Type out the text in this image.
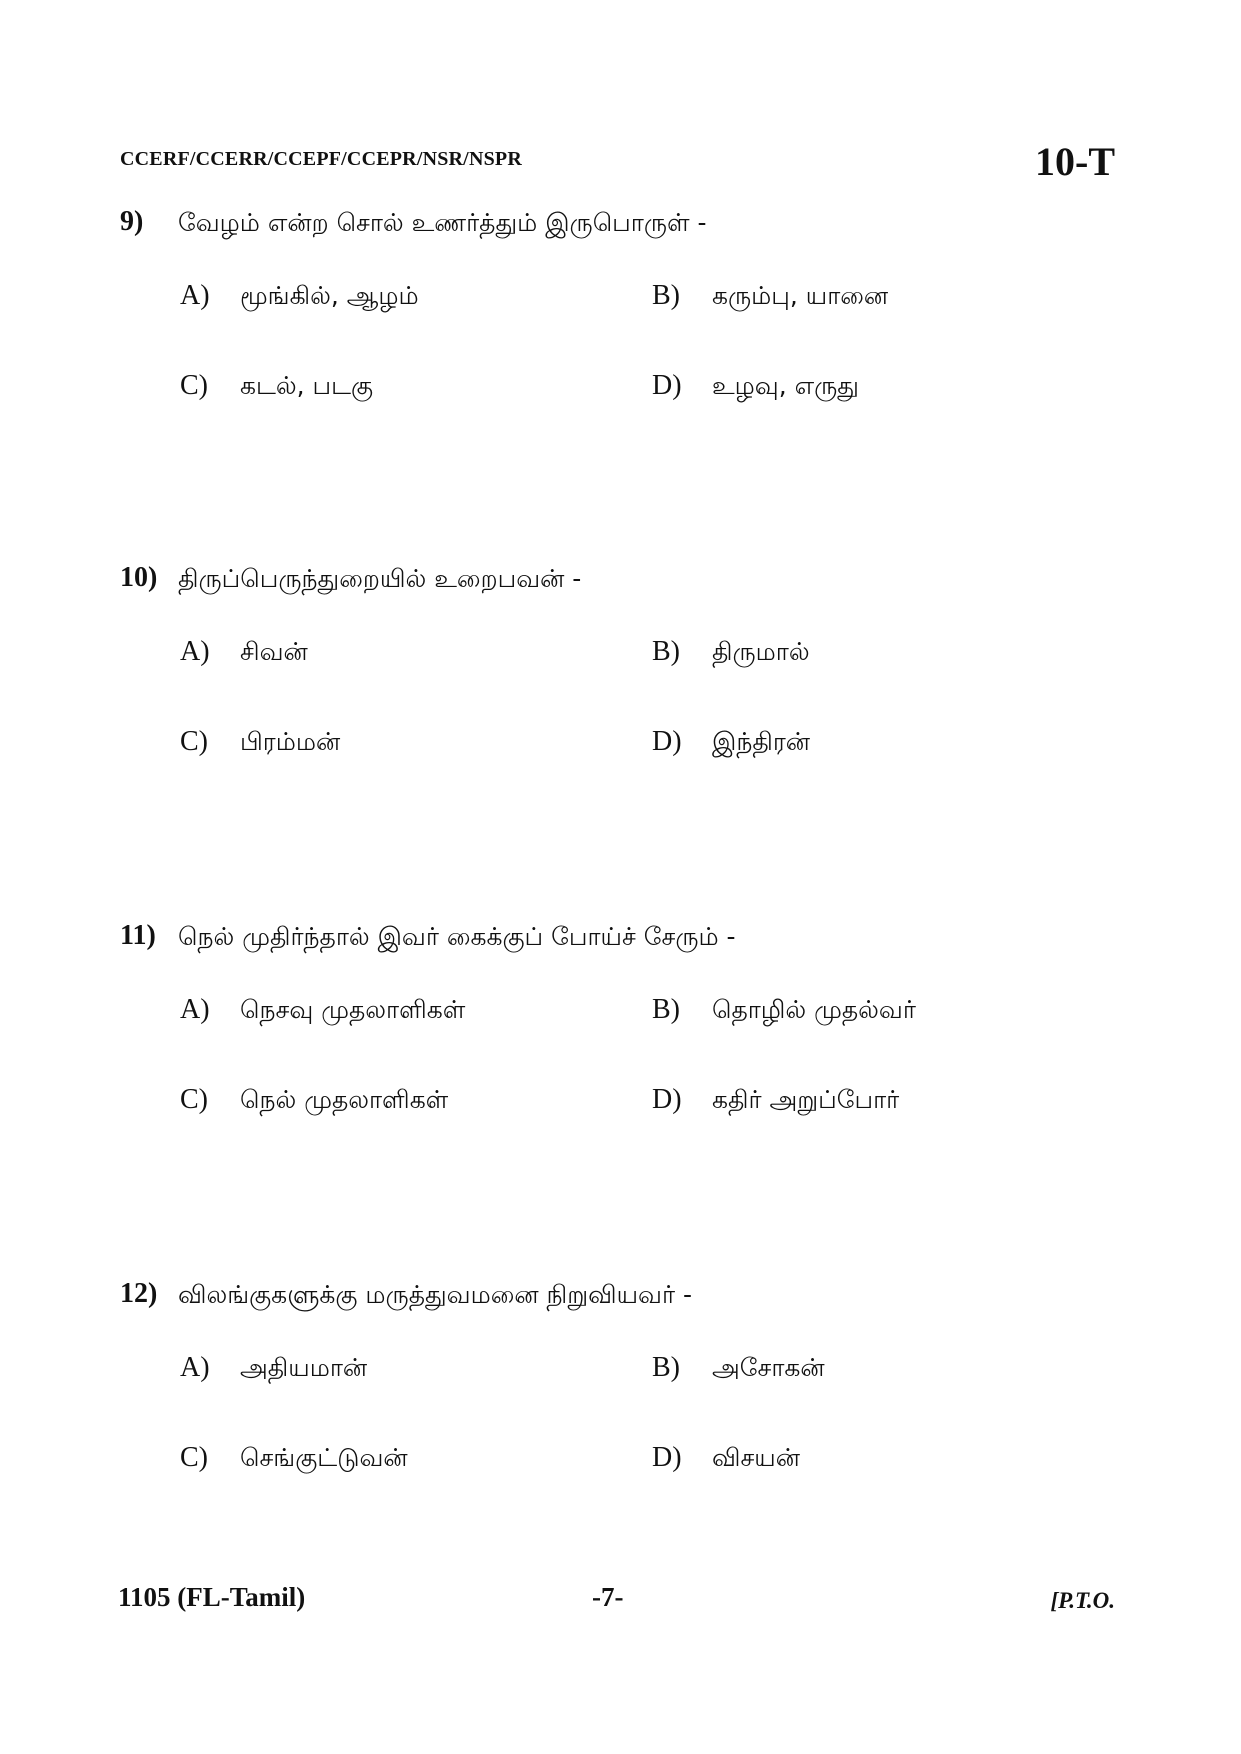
CCERF/CCERR/CCEPF/CCEPR/NSR/NSPR	10-T
9) வேழம் என்ற சொல் உணர்த்தும் இருபொருள் -
A) மூங்கில், ஆழம்	B) கரும்பு, யானை
C) கடல், படகு	D) உழவு, எருது
10) திருப்பெருந்துறையில் உறைபவன் -
A) சிவன்	B) திருமால்
C) பிரம்மன்	D) இந்திரன்
11) நெல் முதிர்ந்தால் இவர் கைக்குப் போய்ச் சேரும் -
A) நெசவு முதலாளிகள்	B) தொழில் முதல்வர்
C) நெல் முதலாளிகள்	D) கதிர் அறுப்போர்
12) விலங்குகளுக்கு மருத்துவமனை நிறுவியவர் -
A) அதியமான்	B) அசோகன்
C) செங்குட்டுவன்	D) விசயன்
1105 (FL-Tamil)	-7-	[P.T.O.
